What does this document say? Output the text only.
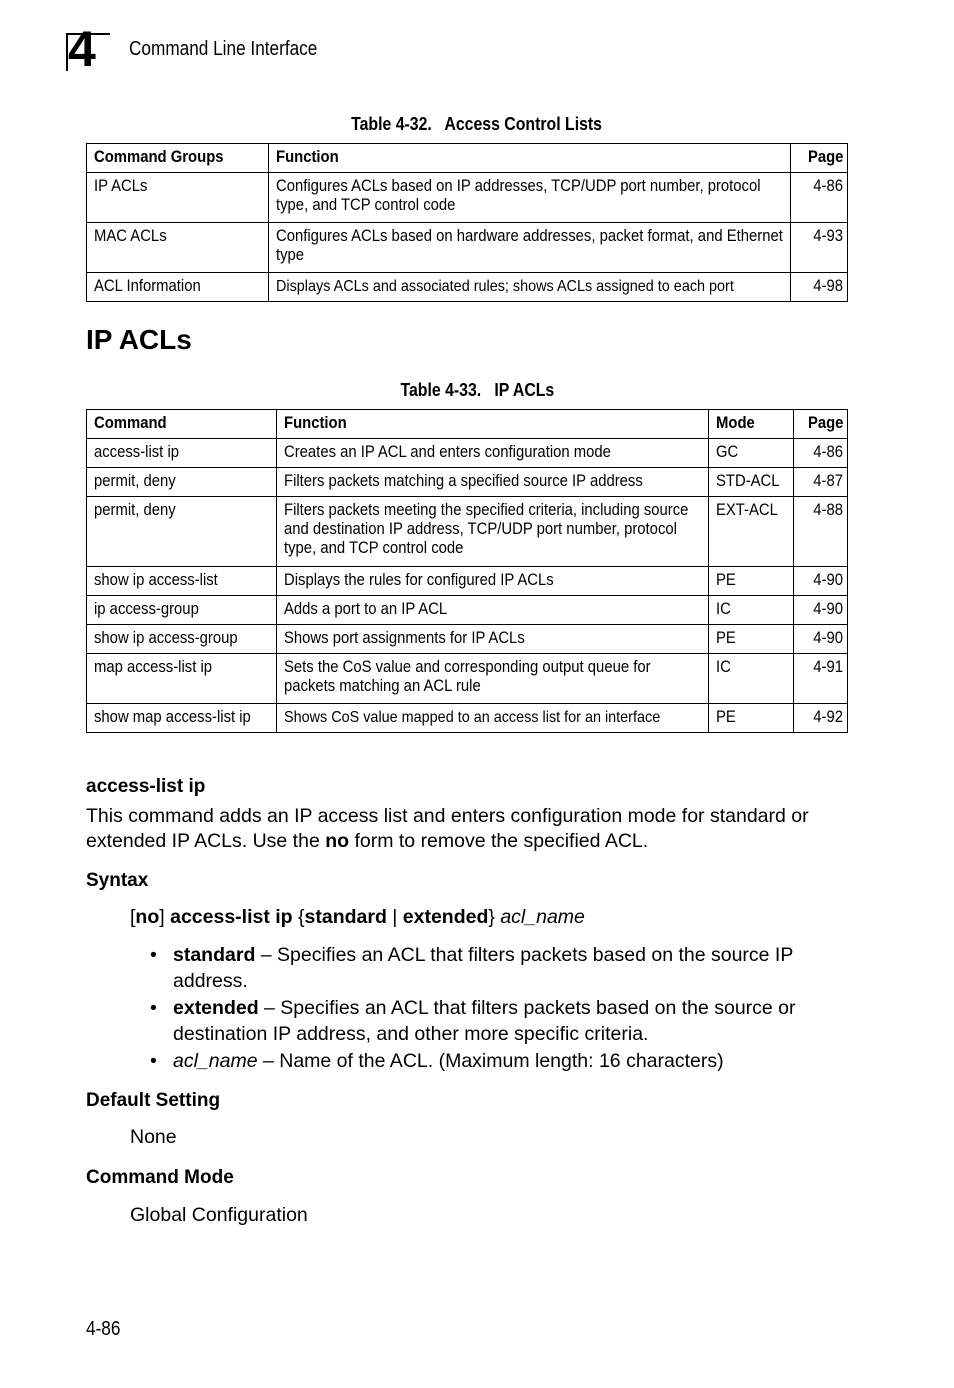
4 Command Line Interface
Table 4-32.   Access Control Lists
Command Groups	Function	Page
IP ACLs	Configures ACLs based on IP addresses, TCP/UDP port number, protocol type, and TCP control code	4-86
MAC ACLs	Configures ACLs based on hardware addresses, packet format, and Ethernet type	4-93
ACL Information	Displays ACLs and associated rules; shows ACLs assigned to each port	4-98
IP ACLs
Table 4-33.   IP ACLs
Command	Function	Mode	Page
access-list ip	Creates an IP ACL and enters configuration mode	GC	4-86
permit, deny	Filters packets matching a specified source IP address	STD-ACL	4-87
permit, deny	Filters packets meeting the specified criteria, including source and destination IP address, TCP/UDP port number, protocol type, and TCP control code	EXT-ACL	4-88
show ip access-list	Displays the rules for configured IP ACLs	PE	4-90
ip access-group	Adds a port to an IP ACL	IC	4-90
show ip access-group	Shows port assignments for IP ACLs	PE	4-90
map access-list ip	Sets the CoS value and corresponding output queue for packets matching an ACL rule	IC	4-91
show map access-list ip	Shows CoS value mapped to an access list for an interface	PE	4-92
access-list ip
This command adds an IP access list and enters configuration mode for standard or extended IP ACLs. Use the no form to remove the specified ACL.
Syntax
[no] access-list ip {standard | extended} acl_name
• standard – Specifies an ACL that filters packets based on the source IP address.
• extended – Specifies an ACL that filters packets based on the source or destination IP address, and other more specific criteria.
• acl_name – Name of the ACL. (Maximum length: 16 characters)
Default Setting
None
Command Mode
Global Configuration
4-86
